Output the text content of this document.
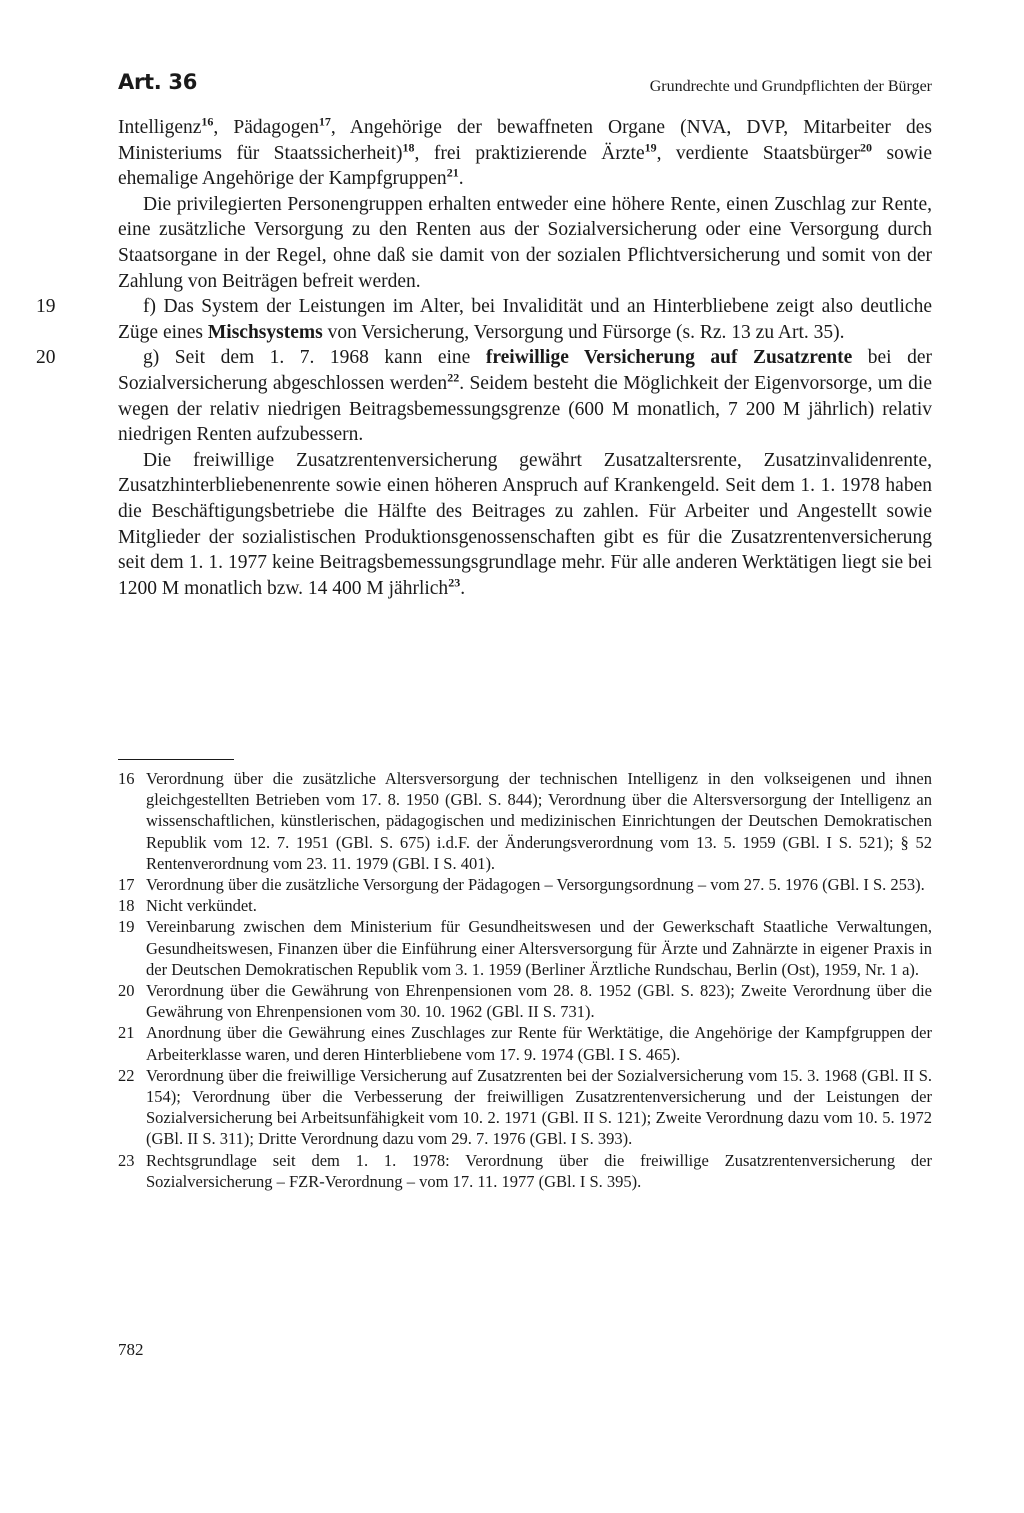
Art. 36	Grundrechte und Grundpflichten der Bürger

Intelligenz$^{16}$, Pädagogen$^{17}$, Angehörige der bewaffneten Organe (NVA, DVP, Mitarbeiter des Ministeriums für Staatssicherheit)$^{18}$, frei praktizierende Ärzte$^{19}$, verdiente Staatsbürger$^{20}$ sowie ehemalige Angehörige der Kampfgruppen$^{21}$.

Die privilegierten Personengruppen erhalten entweder eine höhere Rente, einen Zuschlag zur Rente, eine zusätzliche Versorgung zu den Renten aus der Sozialversicherung oder eine Versorgung durch Staatsorgane in der Regel, ohne daß sie damit von der sozialen Pflichtversicherung und somit von der Zahlung von Beiträgen befreit werden.

19	f) Das System der Leistungen im Alter, bei Invalidität und an Hinterbliebene zeigt also deutliche Züge eines Mischsystems von Versicherung, Versorgung und Fürsorge (s. Rz. 13 zu Art. 35).

20	g) Seit dem 1. 7. 1968 kann eine freiwillige Versicherung auf Zusatzrente bei der Sozialversicherung abgeschlossen werden$^{22}$. Seidem besteht die Möglichkeit der Eigenvorsorge, um die wegen der relativ niedrigen Beitragsbemessungsgrenze (600 M monatlich, 7 200 M jährlich) relativ niedrigen Renten aufzubessern.

Die freiwillige Zusatzrentenversicherung gewährt Zusatzaltersrente, Zusatzinvalidenrente, Zusatzhinterbliebenenrente sowie einen höheren Anspruch auf Krankengeld. Seit dem 1. 1. 1978 haben die Beschäftigungsbetriebe die Hälfte des Beitrages zu zahlen. Für Arbeiter und Angestellt sowie Mitglieder der sozialistischen Produktionsgenossenschaften gibt es für die Zusatzrentenversicherung seit dem 1. 1. 1977 keine Beitragsbemessungsgrundlage mehr. Für alle anderen Werktätigen liegt sie bei 1200 M monatlich bzw. 14 400 M jährlich$^{23}$.

16 Verordnung über die zusätzliche Altersversorgung der technischen Intelligenz in den volkseigenen und ihnen gleichgestellten Betrieben vom 17. 8. 1950 (GBl. S. 844); Verordnung über die Altersversorgung der Intelligenz an wissenschaftlichen, künstlerischen, pädagogischen und medizinischen Einrichtungen der Deutschen Demokratischen Republik vom 12. 7. 1951 (GBl. S. 675) i.d.F. der Änderungsverordnung vom 13. 5. 1959 (GBl. I S. 521); § 52 Rentenverordnung vom 23. 11. 1979 (GBl. I S. 401).
17 Verordnung über die zusätzliche Versorgung der Pädagogen – Versorgungsordnung – vom 27. 5. 1976 (GBl. I S. 253).
18 Nicht verkündet.
19 Vereinbarung zwischen dem Ministerium für Gesundheitswesen und der Gewerkschaft Staatliche Verwaltungen, Gesundheitswesen, Finanzen über die Einführung einer Altersversorgung für Ärzte und Zahnärzte in eigener Praxis in der Deutschen Demokratischen Republik vom 3. 1. 1959 (Berliner Ärztliche Rundschau, Berlin (Ost), 1959, Nr. 1 a).
20 Verordnung über die Gewährung von Ehrenpensionen vom 28. 8. 1952 (GBl. S. 823); Zweite Verordnung über die Gewährung von Ehrenpensionen vom 30. 10. 1962 (GBl. II S. 731).
21 Anordnung über die Gewährung eines Zuschlages zur Rente für Werktätige, die Angehörige der Kampfgruppen der Arbeiterklasse waren, und deren Hinterbliebene vom 17. 9. 1974 (GBl. I S. 465).
22 Verordnung über die freiwillige Versicherung auf Zusatzrenten bei der Sozialversicherung vom 15. 3. 1968 (GBl. II S. 154); Verordnung über die Verbesserung der freiwilligen Zusatzrentenversicherung und der Leistungen der Sozialversicherung bei Arbeitsunfähigkeit vom 10. 2. 1971 (GBl. II S. 121); Zweite Verordnung dazu vom 10. 5. 1972 (GBl. II S. 311); Dritte Verordnung dazu vom 29. 7. 1976 (GBl. I S. 393).
23 Rechtsgrundlage seit dem 1. 1. 1978: Verordnung über die freiwillige Zusatzrentenversicherung der Sozialversicherung – FZR-Verordnung – vom 17. 11. 1977 (GBl. I S. 395).
782
